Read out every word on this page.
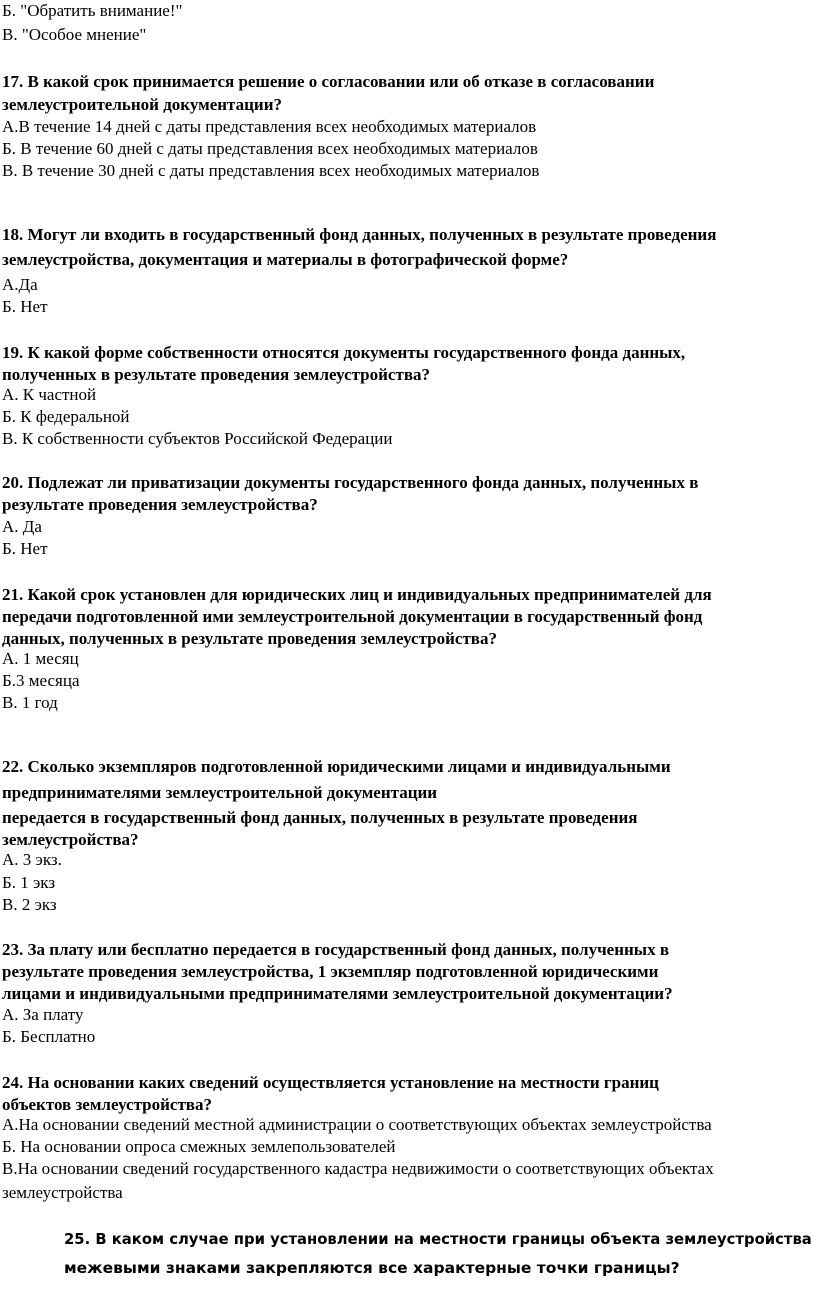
Б. "Обратить внимание!"
В. "Особое мнение"
17. В какой срок принимается решение о согласовании или об отказе в согласовании
землеустроительной документации?
А.В течение 14 дней с даты представления всех необходимых материалов
Б. В течение 60 дней с даты представления всех необходимых материалов
В. В течение 30 дней с даты представления всех необходимых материалов
18. Могут ли входить в государственный фонд данных, полученных в результате проведения
землеустройства, документация и материалы в фотографической форме?
А.Да
Б. Нет
19. К какой форме собственности относятся документы государственного фонда данных,
полученных в результате проведения землеустройства?
А. К частной
Б. К федеральной
В. К собственности субъектов Российской Федерации
20. Подлежат ли приватизации документы государственного фонда данных, полученных в
результате проведения землеустройства?
А. Да
Б. Нет
21. Какой срок установлен для юридических лиц и индивидуальных предпринимателей для
передачи подготовленной ими землеустроительной документации в государственный фонд
данных, полученных в результате проведения землеустройства?
А. 1 месяц
Б.3 месяца
В. 1 год
22. Сколько экземпляров подготовленной юридическими лицами и индивидуальными
предпринимателями землеустроительной документации
передается в государственный фонд данных, полученных в результате проведения
землеустройства?
А. 3 экз.
Б. 1 экз
В. 2 экз
23. За плату или бесплатно передается в государственный фонд данных, полученных в
результате проведения землеустройства, 1 экземпляр подготовленной юридическими
лицами и индивидуальными предпринимателями землеустроительной документации?
А. За плату
Б. Бесплатно
24. На основании каких сведений осуществляется установление на местности границ
объектов землеустройства?
А.На основании сведений местной администрации о соответствующих объектах землеустройства
Б. На основании опроса смежных землепользователей
В.На основании сведений государственного кадастра недвижимости о соответствующих объектах
землеустройства
25. В каком случае при установлении на местности границы объекта землеустройства
межевыми знаками закрепляются все характерные точки границы?
